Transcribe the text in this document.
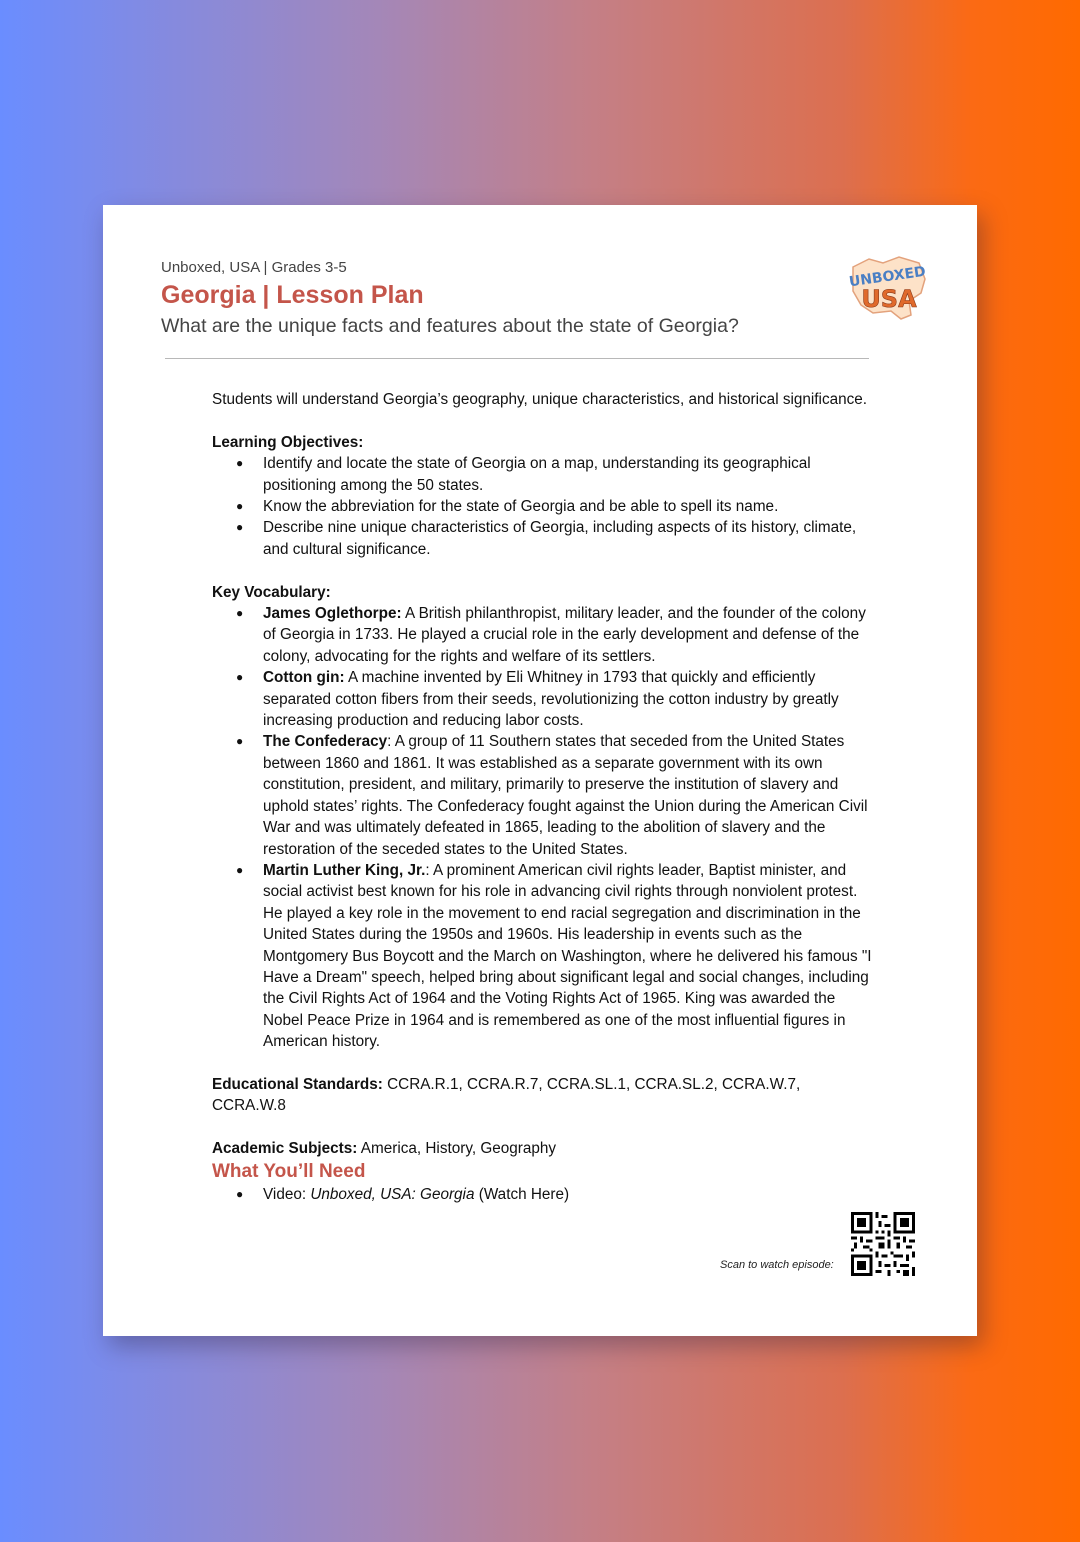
Unboxed, USA | Grades 3-5
Georgia | Lesson Plan
What are the unique facts and features about the state of Georgia?
UNBOXED
USA

Students will understand Georgia’s geography, unique characteristics, and historical significance.

Learning Objectives:

● Identify and locate the state of Georgia on a map, understanding its geographical positioning among the 50 states.
● Know the abbreviation for the state of Georgia and be able to spell its name.
● Describe nine unique characteristics of Georgia, including aspects of its history, climate, and cultural significance.

Key Vocabulary:

● James Oglethorpe: A British philanthropist, military leader, and the founder of the colony of Georgia in 1733. He played a crucial role in the early development and defense of the colony, advocating for the rights and welfare of its settlers.
● Cotton gin: A machine invented by Eli Whitney in 1793 that quickly and efficiently separated cotton fibers from their seeds, revolutionizing the cotton industry by greatly increasing production and reducing labor costs.
● The Confederacy: A group of 11 Southern states that seceded from the United States between 1860 and 1861. It was established as a separate government with its own constitution, president, and military, primarily to preserve the institution of slavery and uphold states’ rights. The Confederacy fought against the Union during the American Civil War and was ultimately defeated in 1865, leading to the abolition of slavery and the restoration of the seceded states to the United States.
● Martin Luther King, Jr.: A prominent American civil rights leader, Baptist minister, and social activist best known for his role in advancing civil rights through nonviolent protest. He played a key role in the movement to end racial segregation and discrimination in the United States during the 1950s and 1960s. His leadership in events such as the Montgomery Bus Boycott and the March on Washington, where he delivered his famous "I Have a Dream" speech, helped bring about significant legal and social changes, including the Civil Rights Act of 1964 and the Voting Rights Act of 1965. King was awarded the Nobel Peace Prize in 1964 and is remembered as one of the most influential figures in American history.

Educational Standards: CCRA.R.1, CCRA.R.7, CCRA.SL.1, CCRA.SL.2, CCRA.W.7, CCRA.W.8

Academic Subjects: America, History, Geography

What You’ll Need

● Video: Unboxed, USA: Georgia (Watch Here)
Scan to watch episode:
